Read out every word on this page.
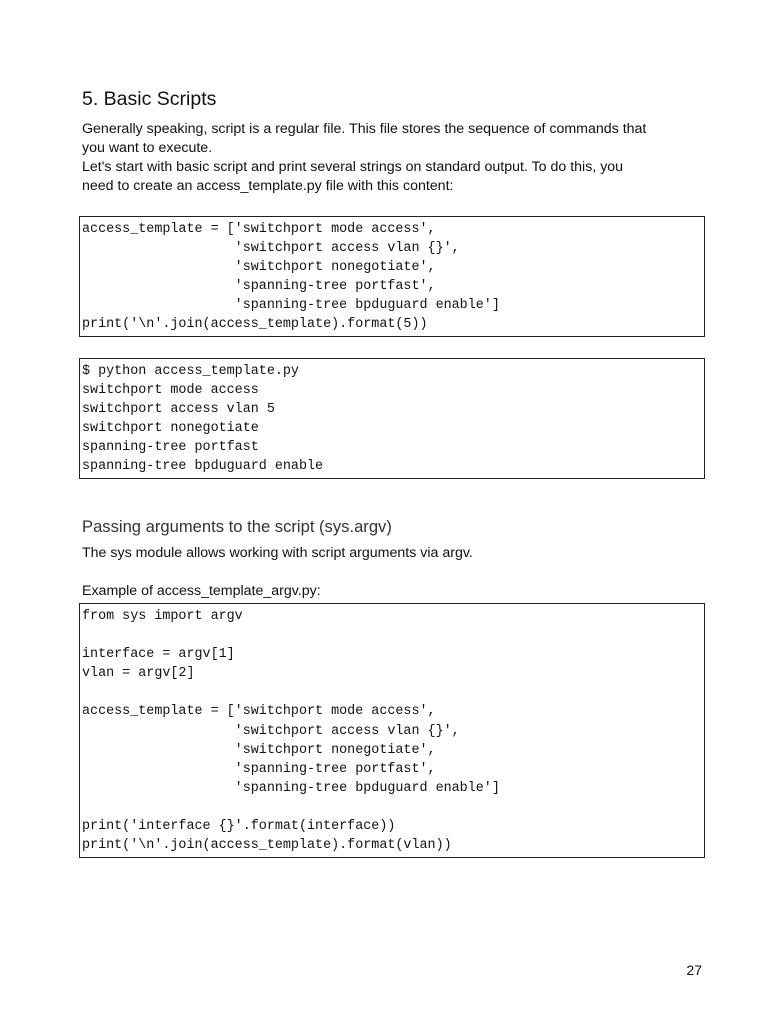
5. Basic Scripts
Generally speaking, script is a regular file. This file stores the sequence of commands that
you want to execute.
Let's start with basic script and print several strings on standard output. To do this, you
need to create an access_template.py file with this content:
access_template = ['switchport mode access',
'switchport access vlan {}',
'switchport nonegotiate',
'spanning-tree portfast',
'spanning-tree bpduguard enable']
print('\n'.join(access_template).format(5))
$ python access_template.py
switchport mode access
switchport access vlan 5
switchport nonegotiate
spanning-tree portfast
spanning-tree bpduguard enable
Passing arguments to the script (sys.argv)
The sys module allows working with script arguments via argv.
Example of access_template_argv.py:
from sys import argv
interface = argv[1]
vlan = argv[2]
access_template = ['switchport mode access',
'switchport access vlan {}',
'switchport nonegotiate',
'spanning-tree portfast',
'spanning-tree bpduguard enable']
print('interface {}'.format(interface))
print('\n'.join(access_template).format(vlan))
27
